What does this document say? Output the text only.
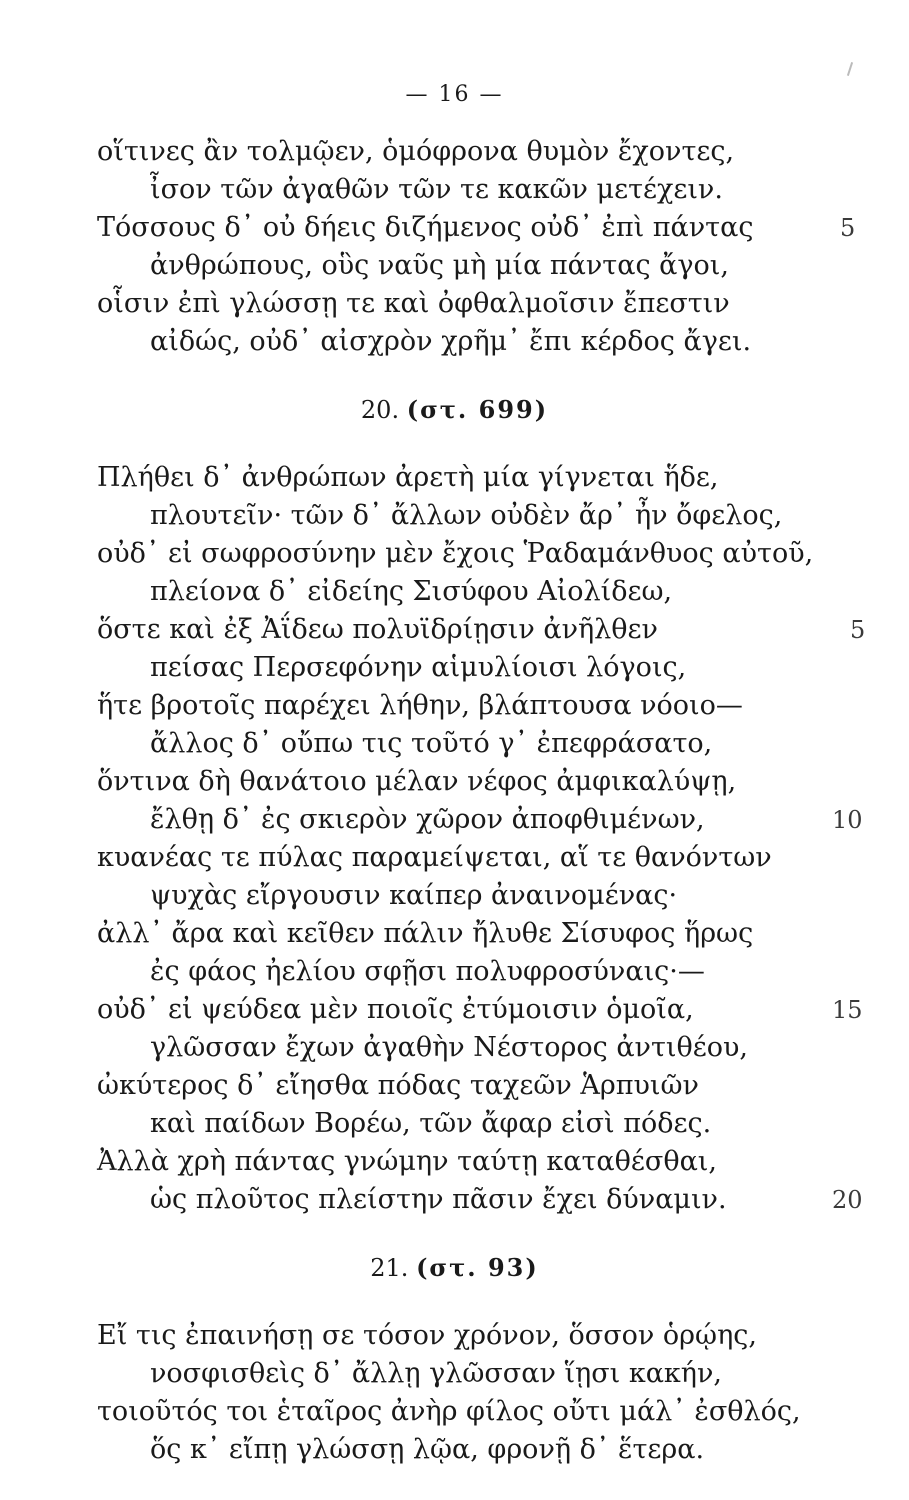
— 16 —
οἵτινες ἂν τολμῷεν, ὁμόφρονα θυμὸν ἔχοντες,
ἶσον τῶν ἀγαθῶν τῶν τε κακῶν μετέχειν.
Τόσσους δ᾽ οὐ δήεις διζήμενος οὐδ᾽ ἐπὶ πάντας	5
ἀνθρώπους, οὓς ναῦς μὴ μία πάντας ἄγοι,
οἷσιν ἐπὶ γλώσσῃ τε καὶ ὀφθαλμοῖσιν ἔπεστιν
αἰδώς, οὐδ᾽ αἰσχρὸν χρῆμ᾽ ἔπι κέρδος ἄγει.
20. (στ. 699)
Πλήθει δ᾽ ἀνθρώπων ἀρετὴ μία γίγνεται ἥδε,
πλουτεῖν· τῶν δ᾽ ἄλλων οὐδὲν ἄρ᾽ ἦν ὄφελος,
οὐδ᾽ εἰ σωφροσύνην μὲν ἔχοις Ῥαδαμάνθυος αὐτοῦ,
πλείονα δ᾽ εἰδείης Σισύφου Αἰολίδεω,
ὅστε καὶ ἐξ Ἀΐδεω πολυϊδρίῃσιν ἀνῆλθεν	5
πείσας Περσεφόνην αἱμυλίοισι λόγοις,
ἥτε βροτοῖς παρέχει λήθην, βλάπτουσα νόοιο—
ἄλλος δ᾽ οὔπω τις τοῦτό γ᾽ ἐπεφράσατο,
ὅντινα δὴ θανάτοιο μέλαν νέφος ἀμφικαλύψῃ,
ἔλθῃ δ᾽ ἐς σκιερὸν χῶρον ἀποφθιμένων,	10
κυανέας τε πύλας παραμείψεται, αἵ τε θανόντων
ψυχὰς εἴργουσιν καίπερ ἀναινομένας·
ἀλλ᾽ ἄρα καὶ κεῖθεν πάλιν ἤλυθε Σίσυφος ἥρως
ἐς φάος ἠελίου σφῇσι πολυφροσύναις·—
οὐδ᾽ εἰ ψεύδεα μὲν ποιοῖς ἐτύμοισιν ὁμοῖα,	15
γλῶσσαν ἔχων ἀγαθὴν Νέστορος ἀντιθέου,
ὠκύτερος δ᾽ εἴησθα πόδας ταχεῶν Ἁρπυιῶν
καὶ παίδων Βορέω, τῶν ἄφαρ εἰσὶ πόδες.
Ἀλλὰ χρὴ πάντας γνώμην ταύτῃ καταθέσθαι,
ὡς πλοῦτος πλείστην πᾶσιν ἔχει δύναμιν.	20
21. (στ. 93)
Εἴ τις ἐπαινήσῃ σε τόσον χρόνον, ὅσσον ὁρῴης,
νοσφισθεὶς δ᾽ ἄλλῃ γλῶσσαν ἵῃσι κακήν,
τοιοῦτός τοι ἑταῖρος ἀνὴρ φίλος οὔτι μάλ᾽ ἐσθλός,
ὅς κ᾽ εἴπῃ γλώσσῃ λῷα, φρονῇ δ᾽ ἕτερα.
